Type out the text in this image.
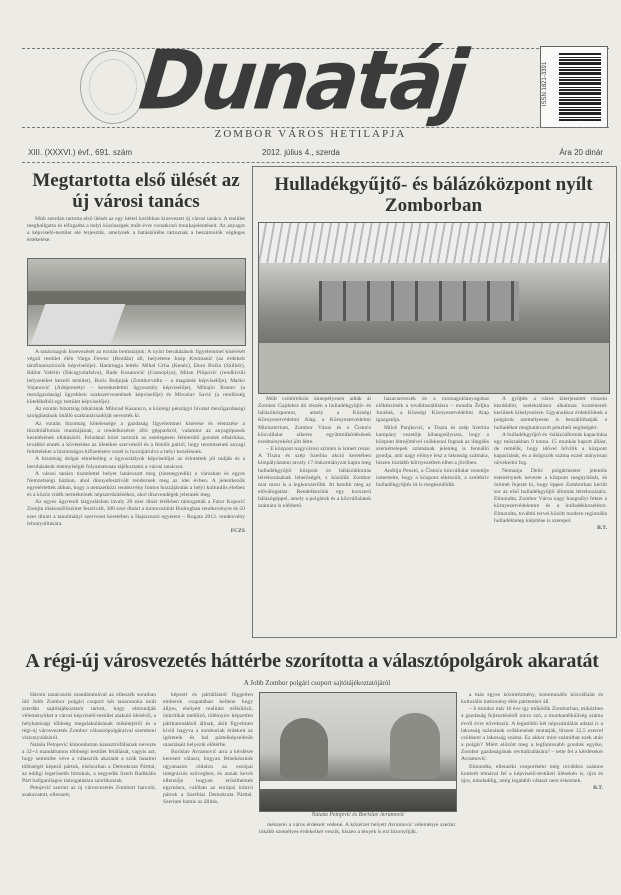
Dunatáj	ISSN 1821-3391
ZOMBOR VÁROS HETILAPJA
XIII. (XXXVI.) évf., 691. szám	2012. július 4., szerda	Ára 20 dinár
Megtartotta első ülését az új városi tanács

Múlt szerdán tartotta első ülését az egy héttel korábban kinevezett új városi tanács. A testület meghallgatta és elfogadta a helyi közösségek múlt évre vonatkozó munkajelentéseit. Az anyagot a képviselő-testület elé terjesztik, amelynek a hatáskörébe tartoznak a beszámolók végleges értékelése.

A tanácstagok kinevezését az ezután bemutatjuk: A nyári beruházások figyelemmel kísérését végző testület élén Varga Ferenc (Bezdán) áll, helyettese Josip Krstmanić (az érdekelt társfinanszírozók képviselője). Határtagja lettek: Mihal Grba (Kenéz), Đuro Božin (Szilbér), Bálint Valérin (Bácsgyulafalva), Rade Kosanović (Csonoplya), Milan Pilipović (rendkívüli helyzeteket kezelő testület), Boris Boljnjak (Zomborvidin – a magánok képviselője), Marko Vojanović (Adóprenétyi – kereskedelmi ügyosztály képviselője), Mihajlo Romer (a mezőgazdasági ügyekben szakszervezetének képviselője) és Miroslav Savić (a rendőrség kötelékéből egy testület képviselője).

Az ezután bizottság titkárának Milorad Kasanico, a községi pénzügyi hivatal mezőgazdasági szolgálatának önálló szaktanácsadóját nevezték ki.

Az ezután bizottság kötelessége a gazdaság figyelemmel kísérése és elemzése a tűzoltóállomás munkájának, a rendelkezésre álló gépparkról, valamint az anyagtípusok kezelésének ellátásáról. Feladatai közé tartozik az esetlegesen felmerülő gondok elhárítása, továbbá ennek a követelése az illetékes szervektől és a felelős pártól, hogy teremtsenek anyagi feltételeket a biztonságos kifizetésére ezzel is hozzájárulva a helyi kezelésnek.

A bizottság dolgai elméletileg a ügyosztályok képviselőjei az érintettek jól tudják és a beruházások mennyiségét folyamatosan tájékoztatni a városi tanácsot.

A városi tanács tisztelettel helyet határozott meg (tizenegyedik) a városban és egyes Nemzetiségi házban, ahol dinnyefesztivált rendeznek meg az idei évben. A jelentkezők egyetértettek abban, hogy a nemzetközi rendezvény fontos hozzájárulás a helyi kulturális élethez és a közös vidék termékeinek népszerűsítéséhez, ahol díszvendégek jelennek meg.

Az egyes ügyrendi tárgyalásban tavaly 20 ezer dinár értékben támogatták a Fatur Kuporić Zrenjin tüskeszőlőszüret fesztivált, 300 ezer dinárt a motorostúrát Bodrogban rendezvényre és 50 ezer dinárt a tanulmányi szervezet keretében a Hajszosztó egyetem – Rogata 2012. rendezvény lebonyolítására.

FCZS
Hulladékgyűjtő- és bálázóközpont nyílt Zomborban

Múlt csütörtökön ünnepélyesen adták át Zombor Gajdobra úti részén a hulladékgyűjtő- és bálázóközpontot, amely a Községi Környezetvédelmi Alap, a Környezetvédelmi Minisztérium, Zombor Város és a Čistoća közvállalat sikeres együttműködésének eredményeként jött létre.

– E központ nagyvárosi szinten is ismert része. A Tiszta és szép Szerbia akció keretében kimpályázaton tavaly 17 önkormányzat kapta meg hulladékgyűjtő központ és bálázóállomás létrehozásának lehetőségét, s közülük Zombor már most is a legkorszerűbb. Itt kezdik meg az előválogatást. Rendelkezünk egy korszerű bálázógéppel, amely a polgárok és a közvállalatok számára is elérhető.

hazacserezzék és a csomagolóanyagokat előkészítsék a továbbszállításra – mondta Željka Jurašuk, a Községi Környezetvédelmi Alap igazgatója.

Miloš Panjković, a Tiszta és szép Szerbia kampány vezetője kihangsúlyozta, hogy a központ létrejöttével csökkenni fognak az illegális szeméttelepek számának jelenleg is fennálló gondja, ami nagy előnye lesz a lakosság számára, hiszen tisztább környezetben élhet a jövőben.

Andrija Penzel, a Čistoća közvállalat vezetője ismertette, hogy a központ elkészült, a szelektív hulladékgyűjtés itt is megkezdődik.

A gyűjtés a város kiterjesztett részein kezdődött, szelektálásra alkalmas konténerek kerülnek kihelyezésre. Ugyanakkor érdeklődnek a polgárok személyesen is beszállíthatják a hulladékot meghatározott pénzbeli segítségért.

A hulladékgyűjtő és -bálázóállomás kapacitása egy műszakban 9 tonna. 15 munkás kapott állást, de remélik, hogy idővel bővítik a központ kapacitását, és a dolgozók száma ezzel arányosan növekedni fog.

Nemanja Delić polgármester jelentős eseménynek nevezte a központ megnyitását, és örömét fejezte ki, hogy éppen Zomborban került sor az első hulladékgyűjtő állomás létrehozására. Elmondta, Zombor Város nagy hangsúlyt fektet a környezetvédelemre és a hulladékkezelésre. Elmondta, további tervei között modern regionális hulladéktelep kiépítése is szerepel.

B.T.
A régi-új városvezetés háttérbe szorította a választópolgárok akaratát
A Jobb Zombor polgári csoport sajtótájékoztatójáról

Három tanácsnoki mandátumával az ellenzék soraiban ülő Jobb Zombor polgári csoport két tanácsnoka múlt szerdán sajtótájékoztatót tartott, hogy elmondják véleményüket a városi képviselő-testület alakuló üléséről, a helyhatósági többség megalakulásának mikéntjéről és a régi-új városvezetés Zombor választópolgáraival szembeni viszonyulásáról.

Nataša Petojević kimondottan katasztrófálisnak nevezte a 32+4 mandátumos többségi testület felállását, vagyis azt, hogy semmibe véve a választók akaratát a szűk hatalmi többségét képező pártok, elsősorban a Demokrata Párttal, az eddigi legerősebb birtokuk, a negyedik Szerb Radikális Párt hallgatólagos támogatására szorítkoztak.

Petojević szerint az új városvezetés Zombort harcoló, szakavatott, ellenzett,

képzett és pártállástól független emberek csapatában kellene hogy álljon, ehelyett realitást nélkülöző, önkritikát mellőző, többnyire képzetlen pártkatonákból állnak, akik figyelmen kívül hagyva a zomboriak érdekeit az ígéreteik és bal pártelképzelésük utasításait helyezik előtérbe.

Borislav Avramović arra a kérdésre keresett választ, hogyan fémekészünk ugyanazon oldalon az európai integrációs szövegben, és annak kevés ellenzője hogyan erősíthetnek egymásra, valóban az európai irányú pártok a Szerbiai Demokrata Párttal. Szerinte hamis az állítás,

Nataša Petojević és Borislav Avramović

mészerei a város érdekeit védené. A közérzet helyett Avramović véleménye szerint inkább személyes érdekeiket veszik, hiszen a tények is ezt bizonyítják.

a más egyes közintézmény, kommunális közvállalat és kulturális intézmény élén pártember áll.

– S mindez már 16 éve így működik Zomborban, miközben a gazdaság fejlesztéséről nincs szó, a munkanélküliség száma évről évre növekszik. A legutóbbi két népszámlálás adatai is a lakosság számának csökkenését mutatják, hiszen 12,5 ezerrel csökkent a lakosság száma. Ez akkor mire számíthat ezek után a polgár? Miért előzött meg a legfontosabb gondok egyike, Zombor gazdaságának revitalizálására? – tette fel a kérdéseket Avramović.

Elmondta, ellenzéki csoportként még továbbra számos konkrét témával fel a képviselő-testületi ülésekén is, újra és újra, mindaddig, amíg legalább választ nem érkeznek.

B.T.
